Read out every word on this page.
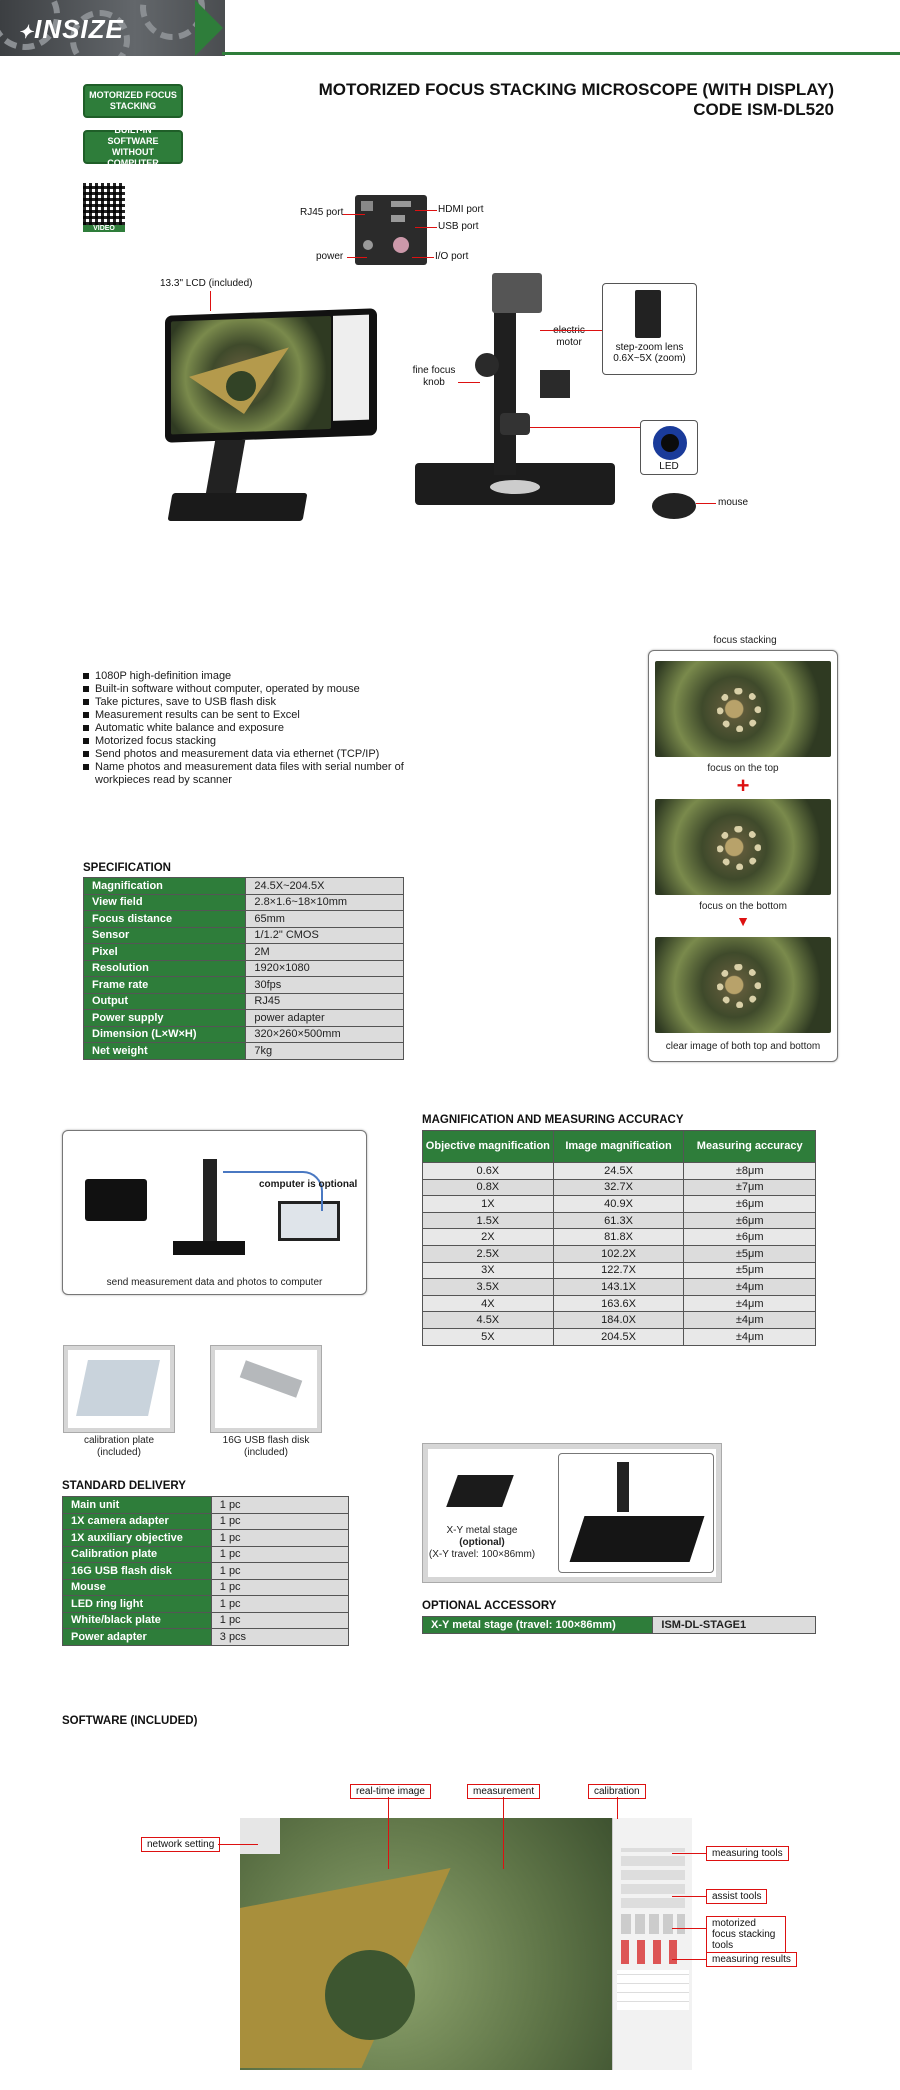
✦INSIZE
MOTORIZED FOCUS STACKING
BUILT-IN SOFTWARE WITHOUT COMPUTER
VIDEO
MOTORIZED FOCUS STACKING MICROSCOPE (WITH DISPLAY)
CODE ISM-DL520
RJ45 port	HDMI port
USB port
power	I/O port
13.3" LCD (included)
motor
fine focus knob
step-zoom lens 0.6X~5X (zoom)
LED
mouse
1080P high-definition image
Built-in software without computer, operated by mouse
Take pictures, save to USB flash disk
Measurement results can be sent to Excel
Automatic white balance and exposure
Motorized focus stacking
Send photos and measurement data via ethernet (TCP/IP)
Name photos and measurement data files with serial number of workpieces read by scanner
focus stacking
focus on the top
+
focus on the bottom
▼
clear image of both top and bottom
SPECIFICATION
Magnification	24.5X~204.5X
View field	2.8×1.6~18×10mm
Focus distance	65mm
Sensor	1/1.2" CMOS
Pixel	2M
Resolution	1920×1080
Frame rate	30fps
Output	RJ45
Power supply	power adapter
Dimension (L×W×H)	320×260×500mm
Net weight	7kg
computer is optional
send measurement data and photos to computer
MAGNIFICATION AND MEASURING ACCURACY
Objective magnification	Image magnification	Measuring accuracy
0.6X	24.5X	±8μm
0.8X	32.7X	±7μm
1X	40.9X	±6μm
1.5X	61.3X	±6μm
2X	81.8X	±6μm
2.5X	102.2X	±5μm
3X	122.7X	±5μm
3.5X	143.1X	±4μm
4X	163.6X	±4μm
4.5X	184.0X	±4μm
5X	204.5X	±4μm
calibration plate (included)
16G USB flash disk (included)
STANDARD DELIVERY
Main unit	1 pc
1X camera adapter	1 pc
1X auxiliary objective	1 pc
Calibration plate	1 pc
16G USB flash disk	1 pc
Mouse	1 pc
LED ring light	1 pc
White/black plate	1 pc
Power adapter	3 pcs
X-Y metal stage
(optional)
(X-Y travel: 100×86mm)
OPTIONAL ACCESSORY
X-Y metal stage (travel: 100×86mm)	ISM-DL-STAGE1
SOFTWARE (INCLUDED)
real-time image	measurement	calibration
network setting
measuring tools
assist tools
motorized focus stacking tools
measuring results
